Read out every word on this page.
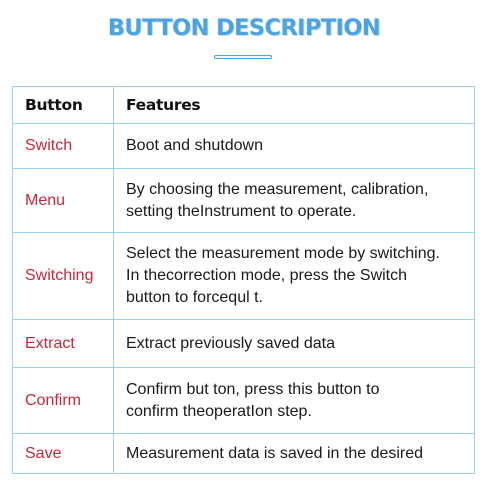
BUTTON DESCRIPTION
Button	Features
Switch	Boot and shutdown

Menu	By choosing the measurement, calibration,
setting theInstrument to operate.

Switching	Select the measurement mode by switching.
In thecorrection mode, press the Switch
button to forcequl t.

Extract	Extract previously saved data

Confirm	Confirm but ton, press this button to
confirm theoperatIon step.

Save	Measurement data is saved in the desired
